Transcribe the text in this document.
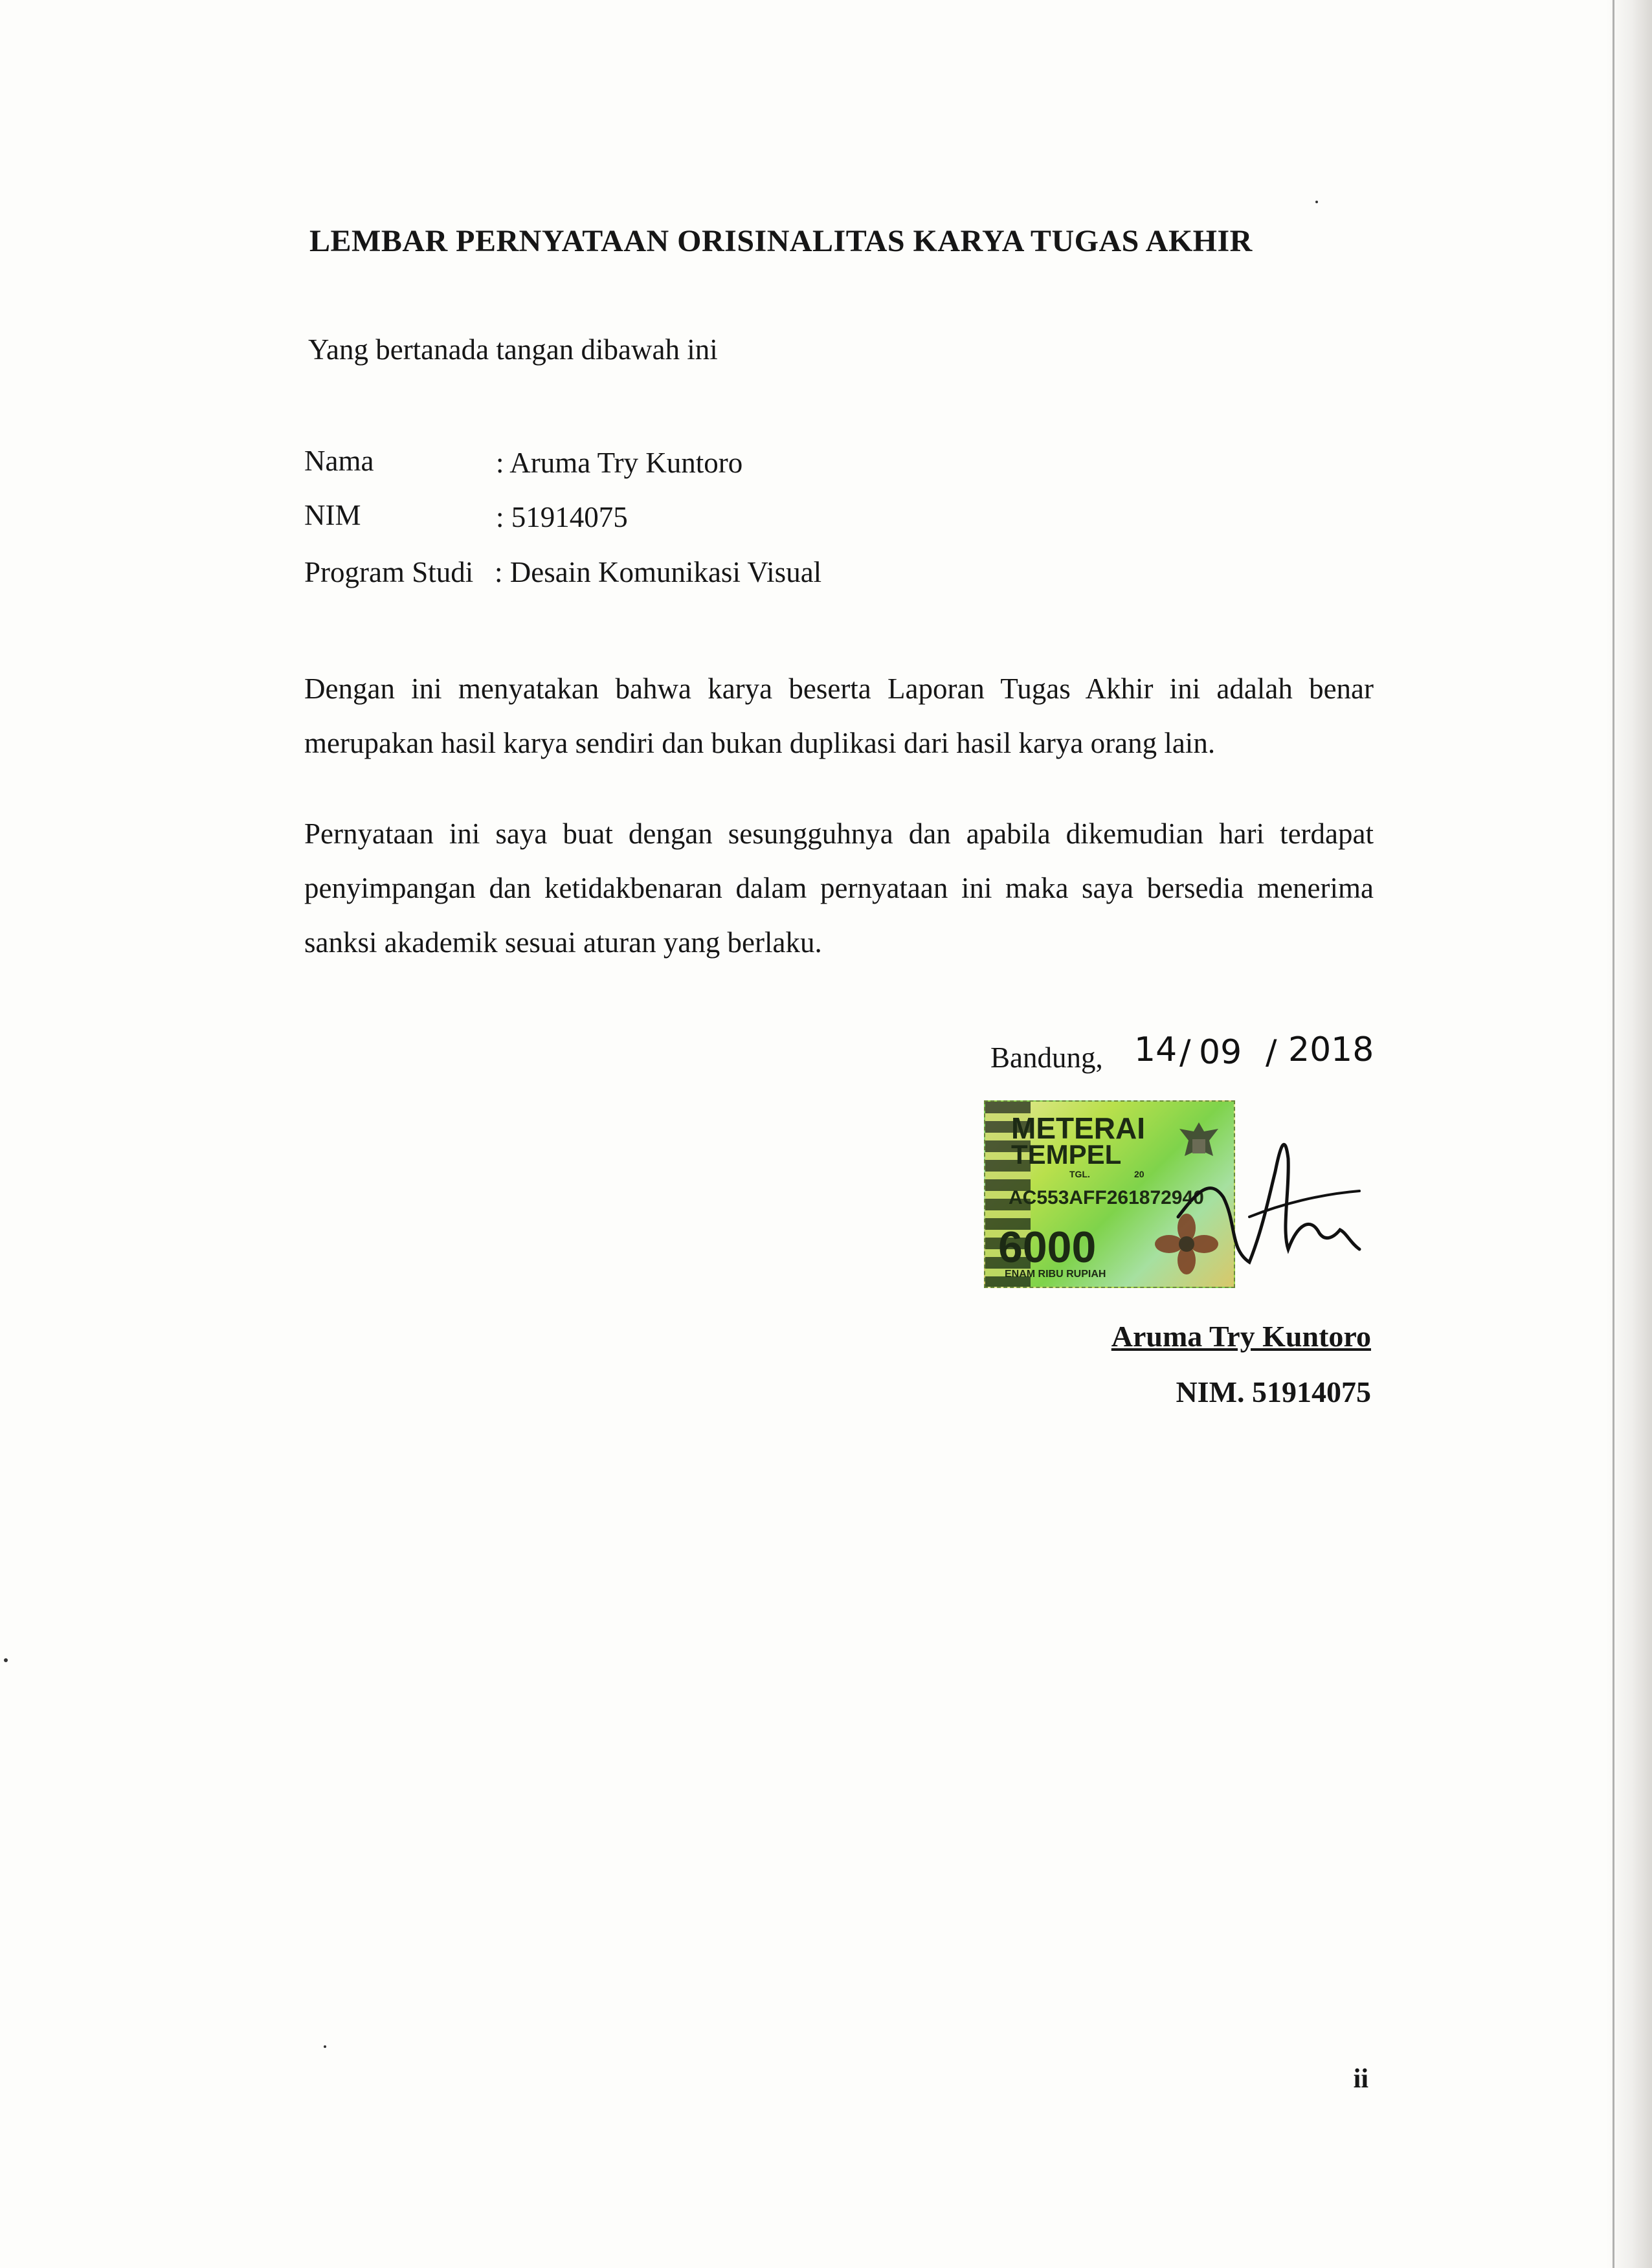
LEMBAR PERNYATAAN ORISINALITAS KARYA TUGAS AKHIR
Yang bertanada tangan dibawah ini
Nama	: Aruma Try Kuntoro
NIM	: 51914075
Program Studi : Desain Komunikasi Visual
Dengan ini menyatakan bahwa karya beserta Laporan Tugas Akhir ini adalah benar merupakan hasil karya sendiri dan bukan duplikasi dari hasil karya orang lain.
Pernyataan ini saya buat dengan sesungguhnya dan apabila dikemudian hari terdapat penyimpangan dan ketidakbenaran dalam pernyataan ini maka saya bersedia menerima sanksi akademik sesuai aturan yang berlaku.
Bandung, 14 / 09 / 2018
METERAI
TEMPEL
TGL.	20
AC553AFF261872940
6000
ENAM RIBU RUPIAH
Aruma Try Kuntoro
NIM. 51914075
ii
